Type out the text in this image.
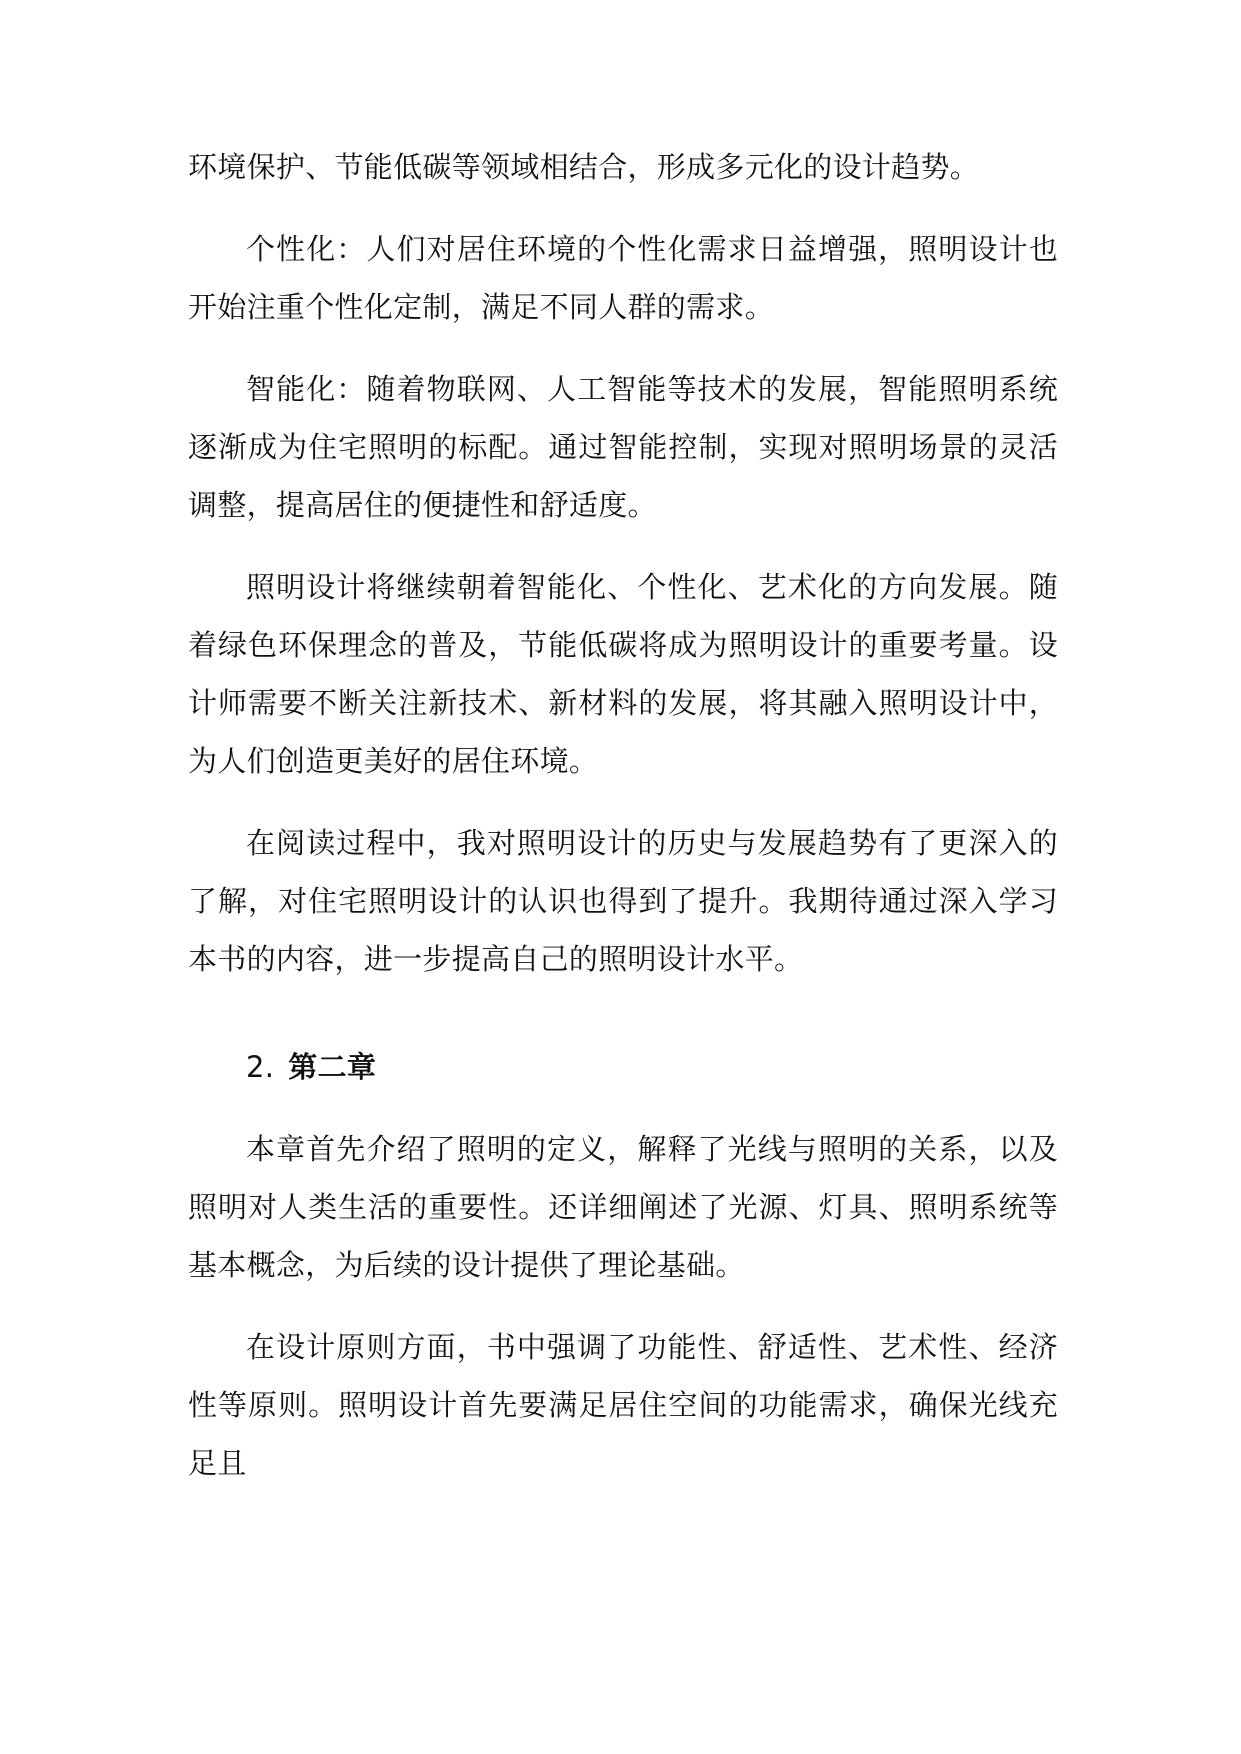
环境保护、节能低碳等领域相结合，形成多元化的设计趋势。

个性化：人们对居住环境的个性化需求日益增强，照明设计也开始注重个性化定制，满足不同人群的需求。

智能化：随着物联网、人工智能等技术的发展，智能照明系统逐渐成为住宅照明的标配。通过智能控制，实现对照明场景的灵活调整，提高居住的便捷性和舒适度。

照明设计将继续朝着智能化、个性化、艺术化的方向发展。随着绿色环保理念的普及，节能低碳将成为照明设计的重要考量。设计师需要不断关注新技术、新材料的发展，将其融入照明设计中，为人们创造更美好的居住环境。

在阅读过程中，我对照明设计的历史与发展趋势有了更深入的了解，对住宅照明设计的认识也得到了提升。我期待通过深入学习本书的内容，进一步提高自己的照明设计水平。

2. 第二章

本章首先介绍了照明的定义，解释了光线与照明的关系，以及照明对人类生活的重要性。还详细阐述了光源、灯具、照明系统等基本概念，为后续的设计提供了理论基础。

在设计原则方面，书中强调了功能性、舒适性、艺术性、经济性等原则。照明设计首先要满足居住空间的功能需求，确保光线充足且
